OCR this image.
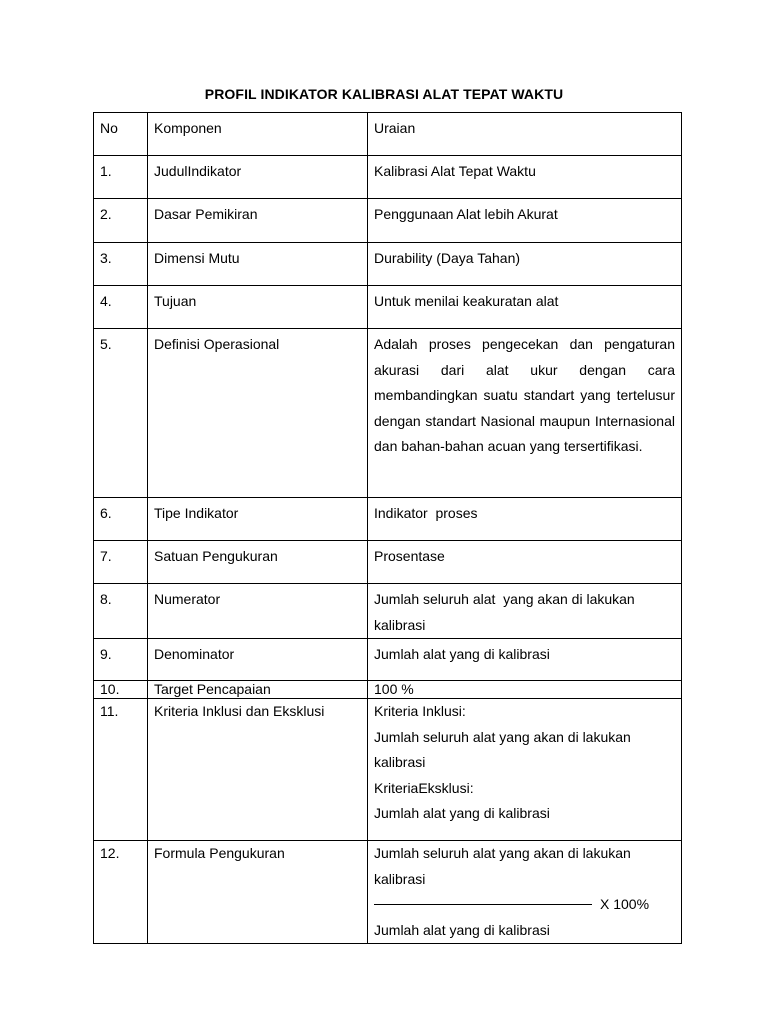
PROFIL INDIKATOR KALIBRASI ALAT TEPAT WAKTU
No	Komponen	Uraian
1.	JudulIndikator	Kalibrasi Alat Tepat Waktu
2.	Dasar Pemikiran	Penggunaan Alat lebih Akurat
3.	Dimensi Mutu	Durability (Daya Tahan)
4.	Tujuan	Untuk menilai keakuratan alat
5.	Definisi Operasional	Adalah proses pengecekan dan pengaturan akurasi dari alat ukur dengan cara membandingkan suatu standart yang tertelusur dengan standart Nasional maupun Internasional dan bahan-bahan acuan yang tersertifikasi.
6.	Tipe Indikator	Indikator  proses
7.	Satuan Pengukuran	Prosentase
8.	Numerator	Jumlah seluruh alat  yang akan di lakukan kalibrasi
9.	Denominator	Jumlah alat yang di kalibrasi
10.	Target Pencapaian	100 %
11.	Kriteria Inklusi dan Eksklusi	Kriteria Inklusi:
Jumlah seluruh alat yang akan di lakukan kalibrasi
KriteriaEksklusi:
Jumlah alat yang di kalibrasi

12.	Formula Pengukuran	Jumlah seluruh alat yang akan di lakukan kalibrasi
X 100%
Jumlah alat yang di kalibrasi
